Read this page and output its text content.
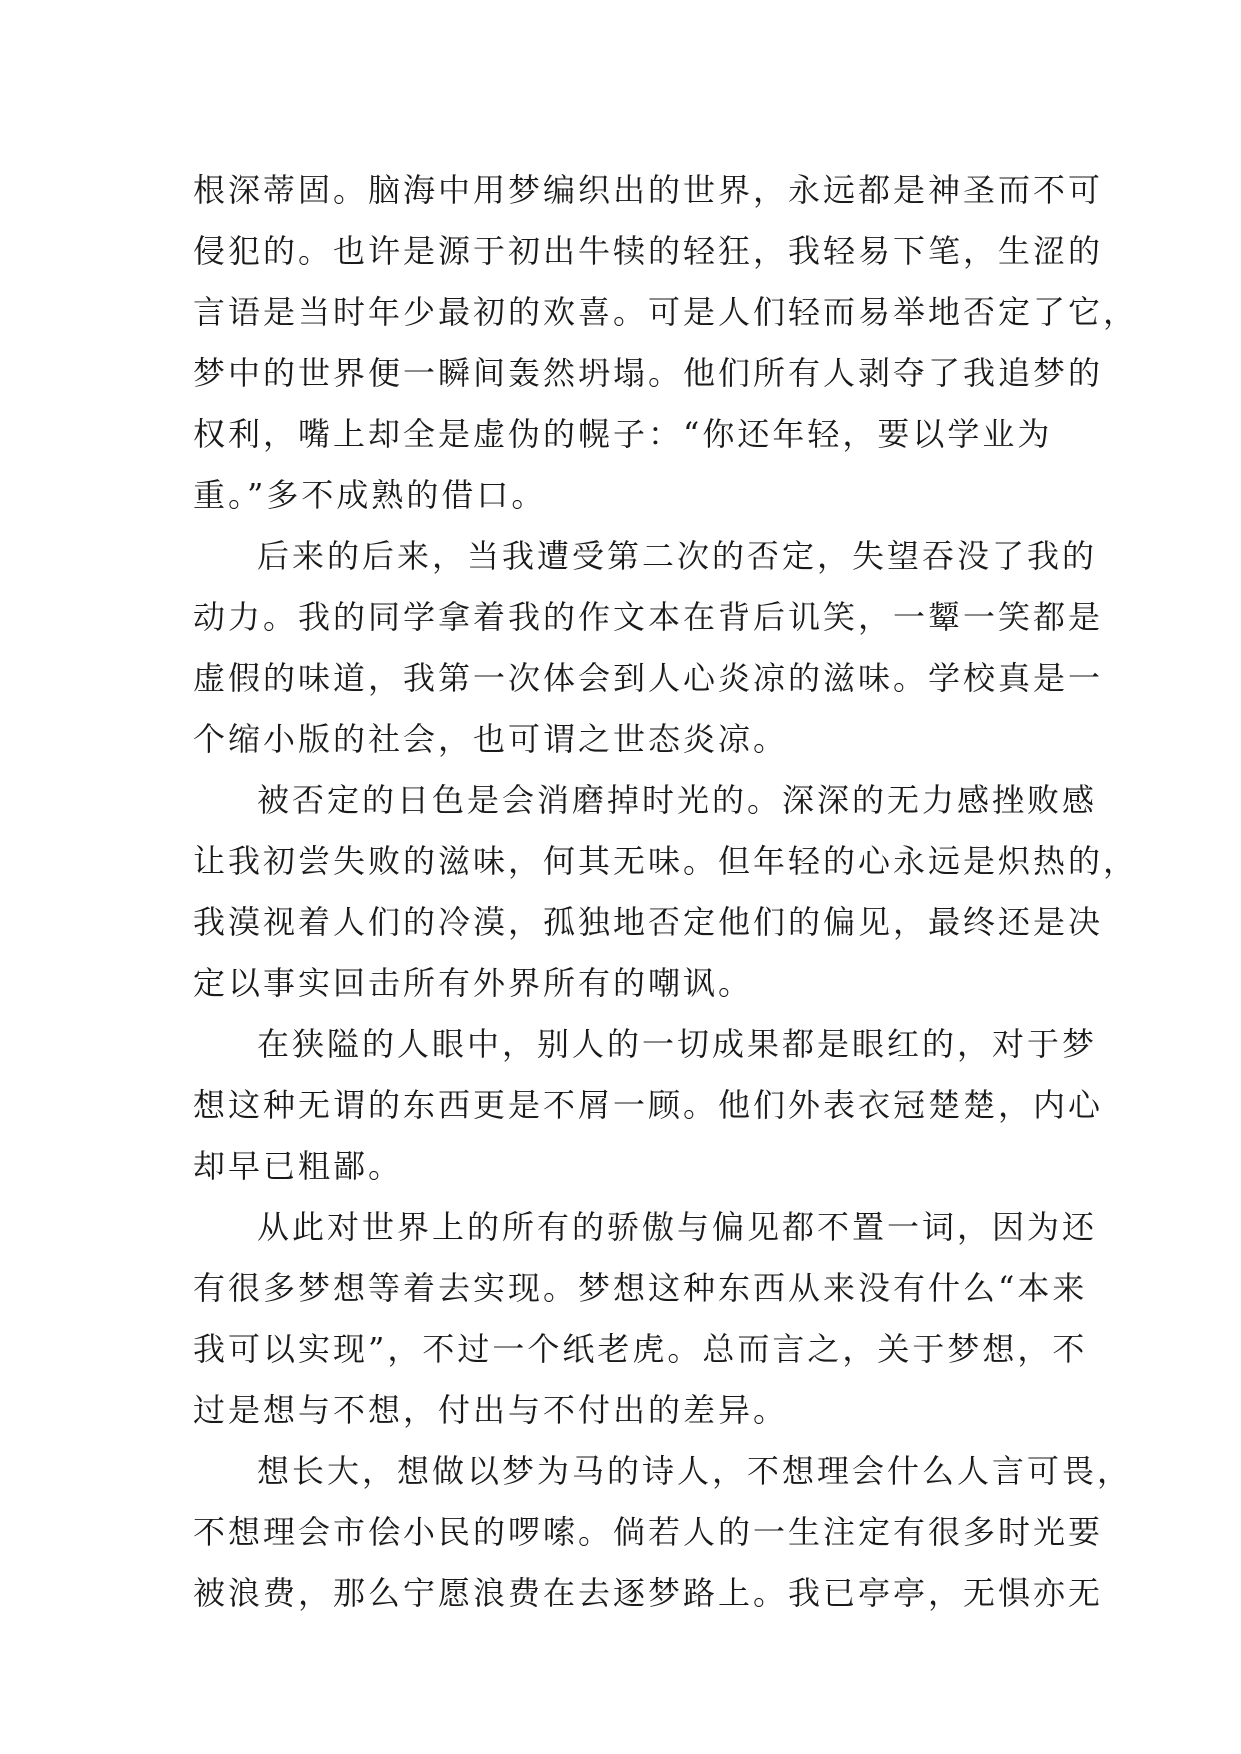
根深蒂固。脑海中用梦编织出的世界，永远都是神圣而不可
侵犯的。也许是源于初出牛犊的轻狂，我轻易下笔，生涩的
言语是当时年少最初的欢喜。可是人们轻而易举地否定了它，
梦中的世界便一瞬间轰然坍塌。他们所有人剥夺了我追梦的
权利，嘴上却全是虚伪的幌子：“你还年轻，要以学业为
重。”多不成熟的借口。
后来的后来，当我遭受第二次的否定，失望吞没了我的
动力。我的同学拿着我的作文本在背后讥笑，一颦一笑都是
虚假的味道，我第一次体会到人心炎凉的滋味。学校真是一
个缩小版的社会，也可谓之世态炎凉。
被否定的日色是会消磨掉时光的。深深的无力感挫败感
让我初尝失败的滋味，何其无味。但年轻的心永远是炽热的，
我漠视着人们的冷漠，孤独地否定他们的偏见，最终还是决
定以事实回击所有外界所有的嘲讽。
在狭隘的人眼中，别人的一切成果都是眼红的，对于梦
想这种无谓的东西更是不屑一顾。他们外表衣冠楚楚，内心
却早已粗鄙。
从此对世界上的所有的骄傲与偏见都不置一词，因为还
有很多梦想等着去实现。梦想这种东西从来没有什么“本来
我可以实现”，不过一个纸老虎。总而言之，关于梦想，不
过是想与不想，付出与不付出的差异。
想长大，想做以梦为马的诗人，不想理会什么人言可畏，
不想理会市侩小民的啰嗦。倘若人的一生注定有很多时光要
被浪费，那么宁愿浪费在去逐梦路上。我已亭亭，无惧亦无
